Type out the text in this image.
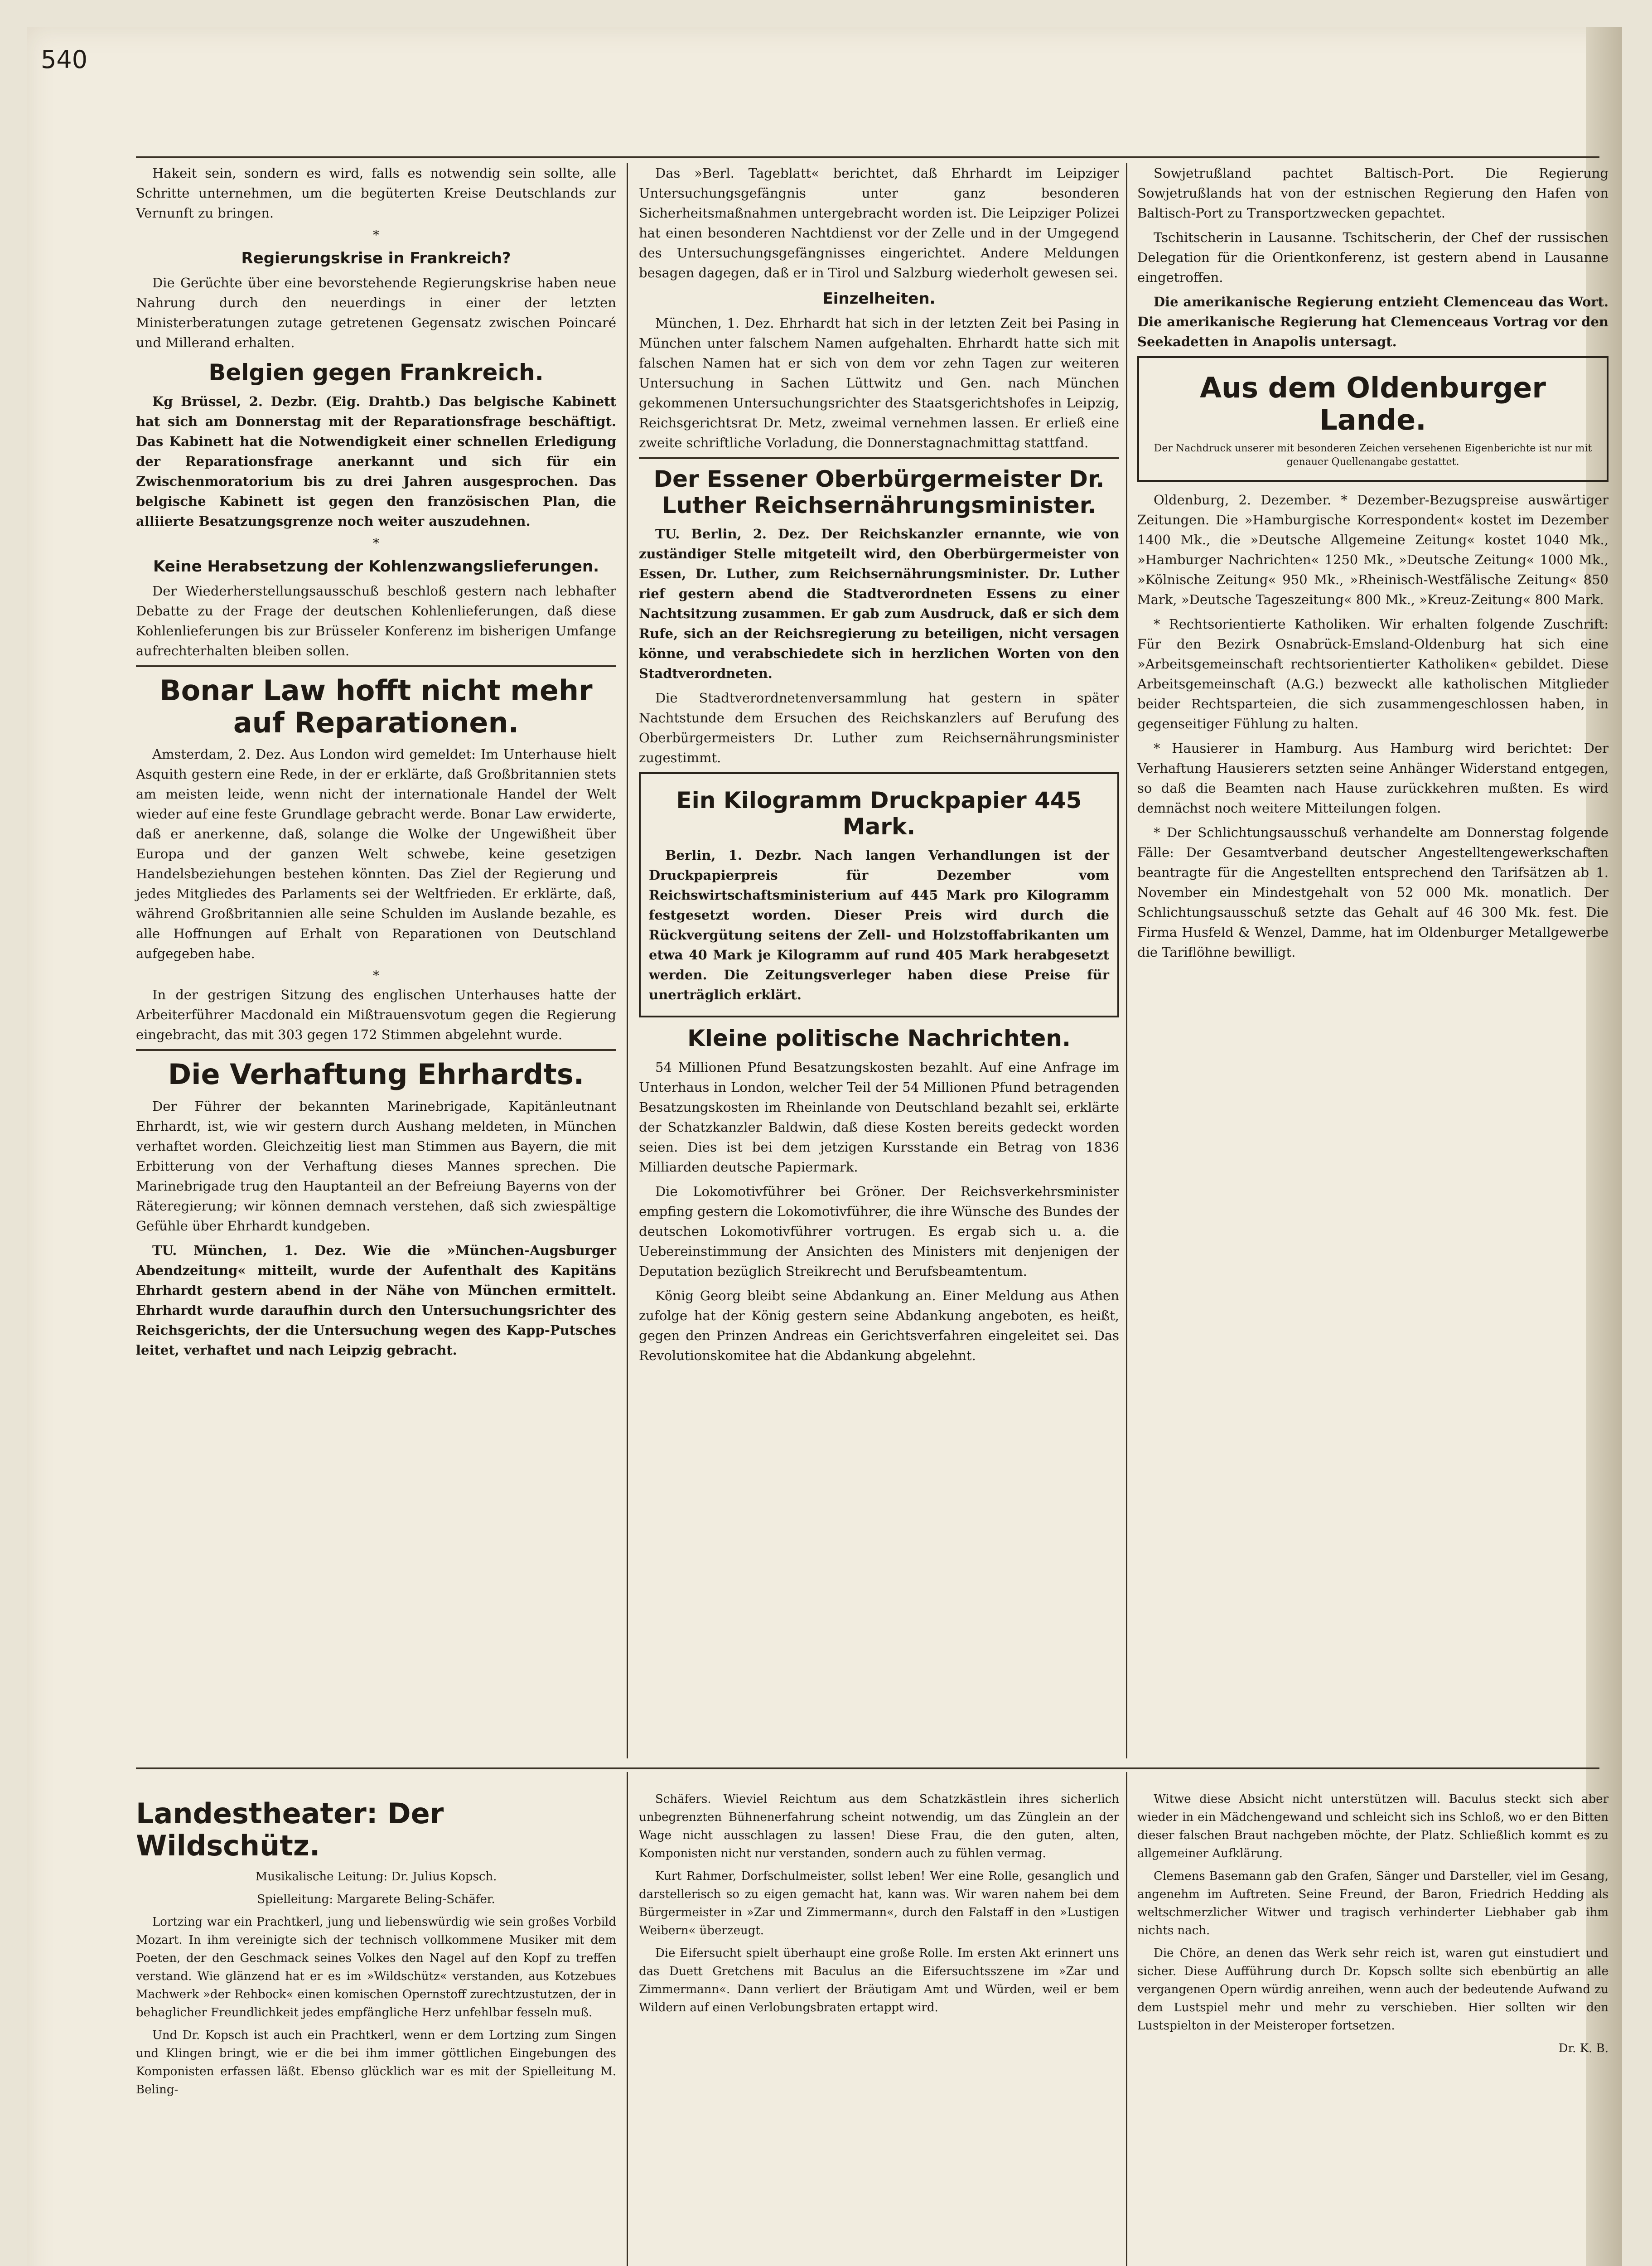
540

Hakeit sein, sondern es wird, falls es notwendig sein sollte, alle Schritte unternehmen, um die begüterten Kreise Deutschlands zur Vernunft zu bringen.

*
Regierungskrise in Frankreich?

Die Gerüchte über eine bevorstehende Regierungskrise haben neue Nahrung durch den neuerdings in einer der letzten Ministerberatungen zutage getretenen Gegensatz zwischen Poincaré und Millerand erhalten.

Belgien gegen Frankreich.

Kg Brüssel, 2. Dezbr. (Eig. Drahtb.) Das belgische Kabinett hat sich am Donnerstag mit der Reparationsfrage beschäftigt. Das Kabinett hat die Notwendigkeit einer schnellen Erledigung der Reparationsfrage anerkannt und sich für ein Zwischenmoratorium bis zu drei Jahren ausgesprochen. Das belgische Kabinett ist gegen den französischen Plan, die alliierte Besatzungsgrenze noch weiter auszudehnen.

*
Keine Herabsetzung der Kohlenzwangslieferungen.

Der Wiederherstellungsausschuß beschloß gestern nach lebhafter Debatte zu der Frage der deutschen Kohlenlieferungen, daß diese Kohlenlieferungen bis zur Brüsseler Konferenz im bisherigen Umfange aufrechterhalten bleiben sollen.

Bonar Law hofft nicht mehr auf Reparationen.

Amsterdam, 2. Dez. Aus London wird gemeldet: Im Unterhause hielt Asquith gestern eine Rede, in der er erklärte, daß Großbritannien stets am meisten leide, wenn nicht der internationale Handel der Welt wieder auf eine feste Grundlage gebracht werde. Bonar Law erwiderte, daß er anerkenne, daß, solange die Wolke der Ungewißheit über Europa und der ganzen Welt schwebe, keine gesetzigen Handelsbeziehungen bestehen könnten. Das Ziel der Regierung und jedes Mitgliedes des Parlaments sei der Weltfrieden. Er erklärte, daß, während Großbritannien alle seine Schulden im Auslande bezahle, es alle Hoffnungen auf Erhalt von Reparationen von Deutschland aufgegeben habe.

*

In der gestrigen Sitzung des englischen Unterhauses hatte der Arbeiterführer Macdonald ein Mißtrauensvotum gegen die Regierung eingebracht, das mit 303 gegen 172 Stimmen abgelehnt wurde.

Die Verhaftung Ehrhardts.

Der Führer der bekannten Marinebrigade, Kapitänleutnant Ehrhardt, ist, wie wir gestern durch Aushang meldeten, in München verhaftet worden. Gleichzeitig liest man Stimmen aus Bayern, die mit Erbitterung von der Verhaftung dieses Mannes sprechen. Die Marinebrigade trug den Hauptanteil an der Befreiung Bayerns von der Räteregierung; wir können demnach verstehen, daß sich zwiespältige Gefühle über Ehrhardt kundgeben.

TU. München, 1. Dez. Wie die »München-Augsburger Abendzeitung« mitteilt, wurde der Aufenthalt des Kapitäns Ehrhardt gestern abend in der Nähe von München ermittelt. Ehrhardt wurde daraufhin durch den Untersuchungsrichter des Reichsgerichts, der die Untersuchung wegen des Kapp-Putsches leitet, verhaftet und nach Leipzig gebracht.

Das »Berl. Tageblatt« berichtet, daß Ehrhardt im Leipziger Untersuchungsgefängnis unter ganz besonderen Sicherheitsmaßnahmen untergebracht worden ist. Die Leipziger Polizei hat einen besonderen Nachtdienst vor der Zelle und in der Umgegend des Untersuchungsgefängnisses eingerichtet. Andere Meldungen besagen dagegen, daß er in Tirol und Salzburg wiederholt gewesen sei.

Einzelheiten.

München, 1. Dez. Ehrhardt hat sich in der letzten Zeit bei Pasing in München unter falschem Namen aufgehalten. Ehrhardt hatte sich mit falschen Namen hat er sich von dem vor zehn Tagen zur weiteren Untersuchung in Sachen Lüttwitz und Gen. nach München gekommenen Untersuchungsrichter des Staatsgerichtshofes in Leipzig, Reichsgerichtsrat Dr. Metz, zweimal vernehmen lassen. Er erließ eine zweite schriftliche Vorladung, die Donnerstagnachmittag stattfand.

Der Essener Oberbürgermeister Dr. Luther Reichsernährungsminister.

TU. Berlin, 2. Dez. Der Reichskanzler ernannte, wie von zuständiger Stelle mitgeteilt wird, den Oberbürgermeister von Essen, Dr. Luther, zum Reichsernährungsminister. Dr. Luther rief gestern abend die Stadtverordneten Essens zu einer Nachtsitzung zusammen. Er gab zum Ausdruck, daß er sich dem Rufe, sich an der Reichsregierung zu beteiligen, nicht versagen könne, und verabschiedete sich in herzlichen Worten von den Stadtverordneten.

Die Stadtverordnetenversammlung hat gestern in später Nachtstunde dem Ersuchen des Reichskanzlers auf Berufung des Oberbürgermeisters Dr. Luther zum Reichsernährungsminister zugestimmt.

Ein Kilogramm Druckpapier 445 Mark.

Berlin, 1. Dezbr. Nach langen Verhandlungen ist der Druckpapierpreis für Dezember vom Reichswirtschaftsministerium auf 445 Mark pro Kilogramm festgesetzt worden. Dieser Preis wird durch die Rückvergütung seitens der Zell- und Holzstoffabrikanten um etwa 40 Mark je Kilogramm auf rund 405 Mark herabgesetzt werden. Die Zeitungsverleger haben diese Preise für unerträglich erklärt.

Kleine politische Nachrichten.

54 Millionen Pfund Besatzungskosten bezahlt. Auf eine Anfrage im Unterhaus in London, welcher Teil der 54 Millionen Pfund betragenden Besatzungskosten im Rheinlande von Deutschland bezahlt sei, erklärte der Schatzkanzler Baldwin, daß diese Kosten bereits gedeckt worden seien. Dies ist bei dem jetzigen Kursstande ein Betrag von 1836 Milliarden deutsche Papiermark.

Die Lokomotivführer bei Gröner. Der Reichsverkehrsminister empfing gestern die Lokomotivführer, die ihre Wünsche des Bundes der deutschen Lokomotivführer vortrugen. Es ergab sich u. a. die Uebereinstimmung der Ansichten des Ministers mit denjenigen der Deputation bezüglich Streikrecht und Berufsbeamtentum.

König Georg bleibt seine Abdankung an. Einer Meldung aus Athen zufolge hat der König gestern seine Abdankung angeboten, es heißt, gegen den Prinzen Andreas ein Gerichtsverfahren eingeleitet sei. Das Revolutionskomitee hat die Abdankung abgelehnt.

Sowjetrußland pachtet Baltisch-Port. Die Regierung Sowjetrußlands hat von der estnischen Regierung den Hafen von Baltisch-Port zu Transportzwecken gepachtet.

Tschitscherin in Lausanne. Tschitscherin, der Chef der russischen Delegation für die Orientkonferenz, ist gestern abend in Lausanne eingetroffen.

Die amerikanische Regierung entzieht Clemenceau das Wort. Die amerikanische Regierung hat Clemenceaus Vortrag vor den Seekadetten in Anapolis untersagt.

Aus dem Oldenburger Lande.

Der Nachdruck unserer mit besonderen Zeichen versehenen Eigenberichte ist nur mit genauer Quellenangabe gestattet.

Oldenburg, 2. Dezember. * Dezember-Bezugspreise auswärtiger Zeitungen. Die »Hamburgische Korrespondent« kostet im Dezember 1400 Mk., die »Deutsche Allgemeine Zeitung« kostet 1040 Mk., »Hamburger Nachrichten« 1250 Mk., »Deutsche Zeitung« 1000 Mk., »Kölnische Zeitung« 950 Mk., »Rheinisch-Westfälische Zeitung« 850 Mark, »Deutsche Tageszeitung« 800 Mk., »Kreuz-Zeitung« 800 Mark.

* Rechtsorientierte Katholiken. Wir erhalten folgende Zuschrift: Für den Bezirk Osnabrück-Emsland-Oldenburg hat sich eine »Arbeitsgemeinschaft rechtsorientierter Katholiken« gebildet. Diese Arbeitsgemeinschaft (A.G.) bezweckt alle katholischen Mitglieder beider Rechtsparteien, die sich zusammengeschlossen haben, in gegenseitiger Fühlung zu halten.

* Hausierer in Hamburg. Aus Hamburg wird berichtet: Der Verhaftung Hausierers setzten seine Anhänger Widerstand entgegen, so daß die Beamten nach Hause zurückkehren mußten. Es wird demnächst noch weitere Mitteilungen folgen.

* Der Schlichtungsausschuß verhandelte am Donnerstag folgende Fälle: Der Gesamtverband deutscher Angestelltengewerkschaften beantragte für die Angestellten entsprechend den Tarifsätzen ab 1. November ein Mindestgehalt von 52 000 Mk. monatlich. Der Schlichtungsausschuß setzte das Gehalt auf 46 300 Mk. fest. Die Firma Husfeld & Wenzel, Damme, hat im Oldenburger Metallgewerbe die Tariflöhne bewilligt.

Landestheater: Der Wildschütz.

Musikalische Leitung: Dr. Julius Kopsch.

Spielleitung: Margarete Beling-Schäfer.

Lortzing war ein Prachtkerl, jung und liebenswürdig wie sein großes Vorbild Mozart. In ihm vereinigte sich der technisch vollkommene Musiker mit dem Poeten, der den Geschmack seines Volkes den Nagel auf den Kopf zu treffen verstand. Wie glänzend hat er es im »Wildschütz« verstanden, aus Kotzebues Machwerk »der Rehbock« einen komischen Opernstoff zurechtzustutzen, der in behaglicher Freundlichkeit jedes empfängliche Herz unfehlbar fesseln muß.

Und Dr. Kopsch ist auch ein Prachtkerl, wenn er dem Lortzing zum Singen und Klingen bringt, wie er die bei ihm immer göttlichen Eingebungen des Komponisten erfassen läßt. Ebenso glücklich war es mit der Spielleitung M. Beling-

Schäfers. Wieviel Reichtum aus dem Schatzkästlein ihres sicherlich unbegrenzten Bühnenerfahrung scheint notwendig, um das Zünglein an der Wage nicht ausschlagen zu lassen! Diese Frau, die den guten, alten, Komponisten nicht nur verstanden, sondern auch zu fühlen vermag.

Kurt Rahmer, Dorfschulmeister, sollst leben! Wer eine Rolle, gesanglich und darstellerisch so zu eigen gemacht hat, kann was. Wir waren nahem bei dem Bürgermeister in »Zar und Zimmermann«, durch den Falstaff in den »Lustigen Weibern« überzeugt.

Die Eifersucht spielt überhaupt eine große Rolle. Im ersten Akt erinnert uns das Duett Gretchens mit Baculus an die Eifersuchtsszene im »Zar und Zimmermann«. Dann verliert der Bräutigam Amt und Würden, weil er bem Wildern auf einen Verlobungsbraten ertappt wird.

Witwe diese Absicht nicht unterstützen will. Baculus steckt sich aber wieder in ein Mädchengewand und schleicht sich ins Schloß, wo er den Bitten dieser falschen Braut nachgeben möchte, der Platz. Schließlich kommt es zu allgemeiner Aufklärung.

Clemens Basemann gab den Grafen, Sänger und Darsteller, viel im Gesang, angenehm im Auftreten. Seine Freund, der Baron, Friedrich Hedding als weltschmerzlicher Witwer und tragisch verhinderter Liebhaber gab ihm nichts nach.

Die Chöre, an denen das Werk sehr reich ist, waren gut einstudiert und sicher. Diese Aufführung durch Dr. Kopsch sollte sich ebenbürtig an alle vergangenen Opern würdig anreihen, wenn auch der bedeutende Aufwand zu dem Lustspiel mehr und mehr zu verschieben. Hier sollten wir den Lustspielton in der Meisteroper fortsetzen.

Dr. K. B.
